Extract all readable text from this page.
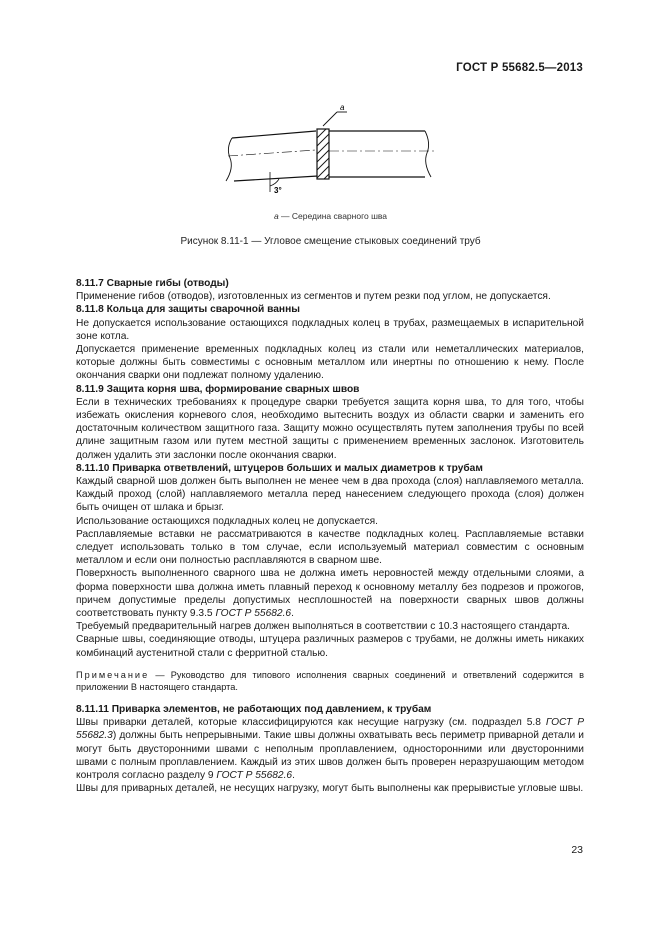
ГОСТ Р 55682.5—2013
a
3°
a — Середина сварного шва
Рисунок 8.11-1 — Угловое смещение стыковых соединений труб

8.11.7 Сварные гибы (отводы)

Применение гибов (отводов), изготовленных из сегментов и путем резки под углом, не допускается.

8.11.8 Кольца для защиты сварочной ванны

Не допускается использование остающихся подкладных колец в трубах, размещаемых в испарительной зоне котла.

Допускается применение временных подкладных колец из стали или неметаллических материалов, которые должны быть совместимы с основным металлом или инертны по отношению к нему. После окончания сварки они подлежат полному удалению.

8.11.9 Защита корня шва, формирование сварных швов

Если в технических требованиях к процедуре сварки требуется защита корня шва, то для того, чтобы избежать окисления корневого слоя, необходимо вытеснить воздух из области сварки и заменить его достаточным количеством защитного газа. Защиту можно осуществлять путем заполнения трубы по всей длине защитным газом или путем местной защиты с применением временных заслонок. Изготовитель должен удалить эти заслонки после окончания сварки.

8.11.10 Приварка ответвлений, штуцеров больших и малых диаметров к трубам

Каждый сварной шов должен быть выполнен не менее чем в два прохода (слоя) наплавляемого металла. Каждый проход (слой) наплавляемого металла перед нанесением следующего прохода (слоя) должен быть очищен от шлака и брызг.

Использование остающихся подкладных колец не допускается.

Расплавляемые вставки не рассматриваются в качестве подкладных колец. Расплавляемые вставки следует использовать только в том случае, если используемый материал совместим с основным металлом и если они полностью расплавляются в сварном шве.

Поверхность выполненного сварного шва не должна иметь неровностей между отдельными слоями, а форма поверхности шва должна иметь плавный переход к основному металлу без подрезов и прожогов, причем допустимые пределы допустимых несплошностей на поверхности сварных швов должны соответствовать пункту 9.3.5 ГОСТ Р 55682.6.

Требуемый предварительный нагрев должен выполняться в соответствии с 10.3 настоящего стандарта.

Сварные швы, соединяющие отводы, штуцера различных размеров с трубами, не должны иметь никаких комбинаций аустенитной стали с ферритной сталью.

Примечание — Руководство для типового исполнения сварных соединений и ответвлений содержится в приложении В настоящего стандарта.

8.11.11 Приварка элементов, не работающих под давлением, к трубам

Швы приварки деталей, которые классифицируются как несущие нагрузку (см. подраздел 5.8 ГОСТ Р 55682.3) должны быть непрерывными. Такие швы должны охватывать весь периметр приварной детали и могут быть двусторонними швами с неполным проплавлением, односторонними или двусторонними швами с полным проплавлением. Каждый из этих швов должен быть проверен неразрушающим методом контроля согласно разделу 9 ГОСТ Р 55682.6.

Швы для приварных деталей, не несущих нагрузку, могут быть выполнены как прерывистые угловые швы.

23
